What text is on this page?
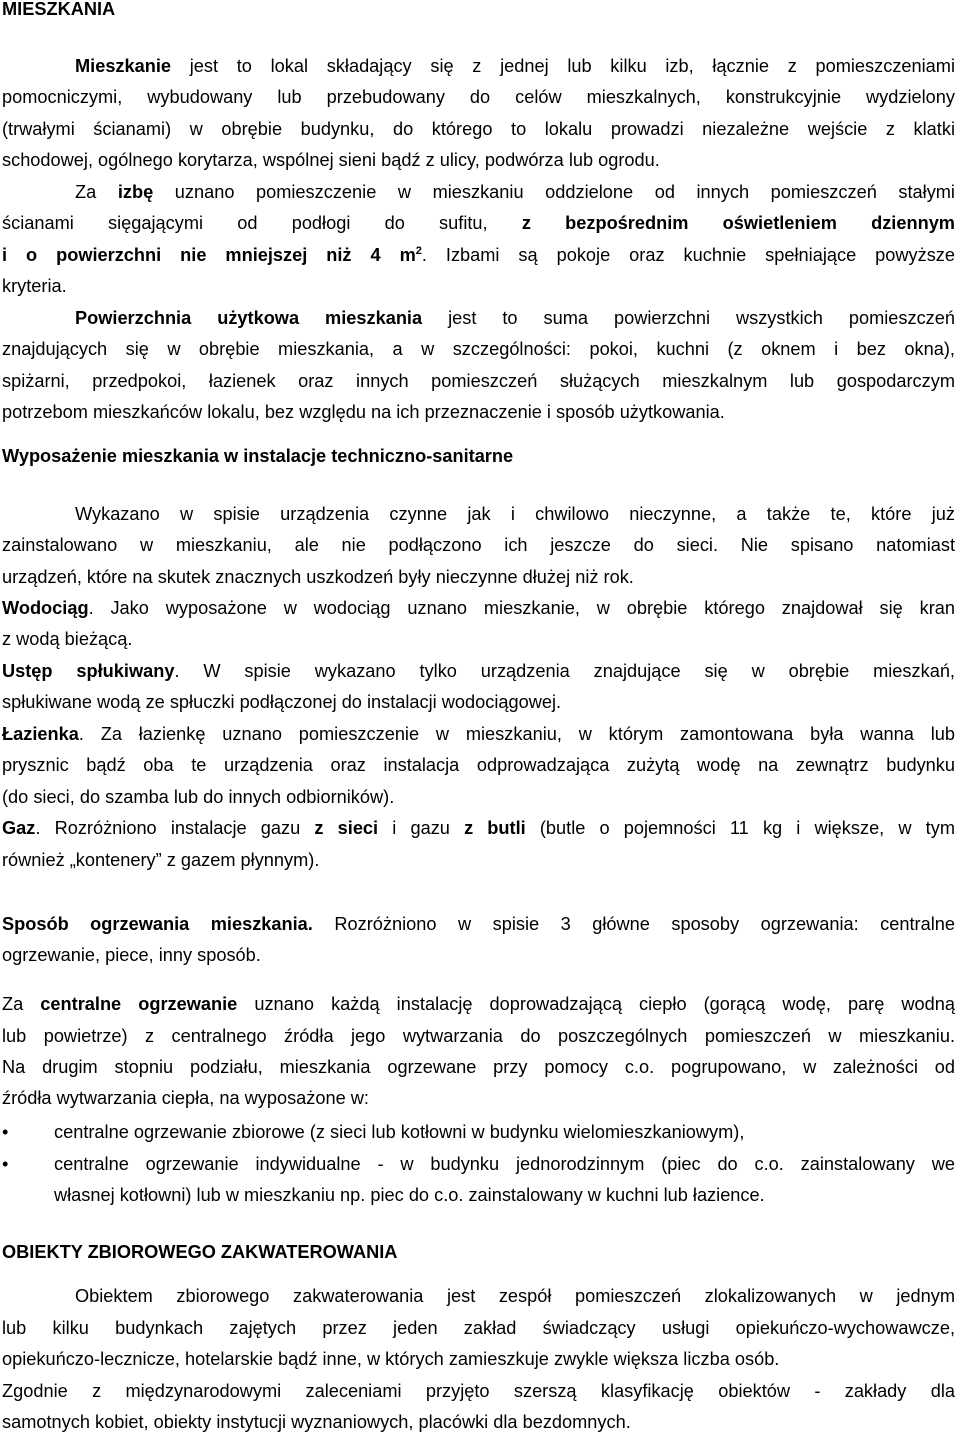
MIESZKANIA
Mieszkanie jest to lokal składający się z jednej lub kilku izb, łącznie z pomieszczeniami
pomocniczymi, wybudowany lub przebudowany do celów mieszkalnych, konstrukcyjnie wydzielony
(trwałymi ścianami) w obrębie budynku, do którego to lokalu prowadzi niezależne wejście z klatki
schodowej, ogólnego korytarza, wspólnej sieni bądź z ulicy, podwórza lub ogrodu.
Za izbę uznano pomieszczenie w mieszkaniu oddzielone od innych pomieszczeń stałymi
ścianami sięgającymi od podłogi do sufitu, z bezpośrednim oświetleniem dziennym
i o powierzchni nie mniejszej niż 4 $m^2$. Izbami są pokoje oraz kuchnie spełniające powyższe
kryteria.
Powierzchnia użytkowa mieszkania jest to suma powierzchni wszystkich pomieszczeń
znajdujących się w obrębie mieszkania, a w szczególności: pokoi, kuchni (z oknem i bez okna),
spiżarni, przedpokoi, łazienek oraz innych pomieszczeń służących mieszkalnym lub gospodarczym
potrzebom mieszkańców lokalu, bez względu na ich przeznaczenie i sposób użytkowania.
Wyposażenie mieszkania w instalacje techniczno-sanitarne
Wykazano w spisie urządzenia czynne jak i chwilowo nieczynne, a także te, które już
zainstalowano w mieszkaniu, ale nie podłączono ich jeszcze do sieci. Nie spisano natomiast
urządzeń, które na skutek znacznych uszkodzeń były nieczynne dłużej niż rok.
Wodociąg. Jako wyposażone w wodociąg uznano mieszkanie, w obrębie którego znajdował się kran
z wodą bieżącą.
Ustęp spłukiwany. W spisie wykazano tylko urządzenia znajdujące się w obrębie mieszkań,
spłukiwane wodą ze spłuczki podłączonej do instalacji wodociągowej.
Łazienka. Za łazienkę uznano pomieszczenie w mieszkaniu, w którym zamontowana była wanna lub
prysznic bądź oba te urządzenia oraz instalacja odprowadzająca zużytą wodę na zewnątrz budynku
(do sieci, do szamba lub do innych odbiorników).
Gaz. Rozróżniono instalacje gazu z sieci i gazu z butli (butle o pojemności 11 kg i większe, w tym
również „kontenery” z gazem płynnym).
Sposób ogrzewania mieszkania. Rozróżniono w spisie 3 główne sposoby ogrzewania: centralne
ogrzewanie, piece, inny sposób.
Za centralne ogrzewanie uznano każdą instalację doprowadzającą ciepło (gorącą wodę, parę wodną
lub powietrze) z centralnego źródła jego wytwarzania do poszczególnych pomieszczeń w mieszkaniu.
Na drugim stopniu podziału, mieszkania ogrzewane przy pomocy c.o. pogrupowano, w zależności od
źródła wytwarzania ciepła, na wyposażone w:
•	centralne ogrzewanie zbiorowe (z sieci lub kotłowni w budynku wielomieszkaniowym),
•	centralne ogrzewanie indywidualne - w budynku jednorodzinnym (piec do c.o. zainstalowany we
własnej kotłowni) lub w mieszkaniu np. piec do c.o. zainstalowany w kuchni lub łazience.
OBIEKTY ZBIOROWEGO ZAKWATEROWANIA
Obiektem zbiorowego zakwaterowania jest zespół pomieszczeń zlokalizowanych w jednym
lub kilku budynkach zajętych przez jeden zakład świadczący usługi opiekuńczo-wychowawcze,
opiekuńczo-lecznicze, hotelarskie bądź inne, w których zamieszkuje zwykle większa liczba osób.
Zgodnie z międzynarodowymi zaleceniami przyjęto szerszą klasyfikację obiektów - zakłady dla
samotnych kobiet, obiekty instytucji wyznaniowych, placówki dla bezdomnych.
